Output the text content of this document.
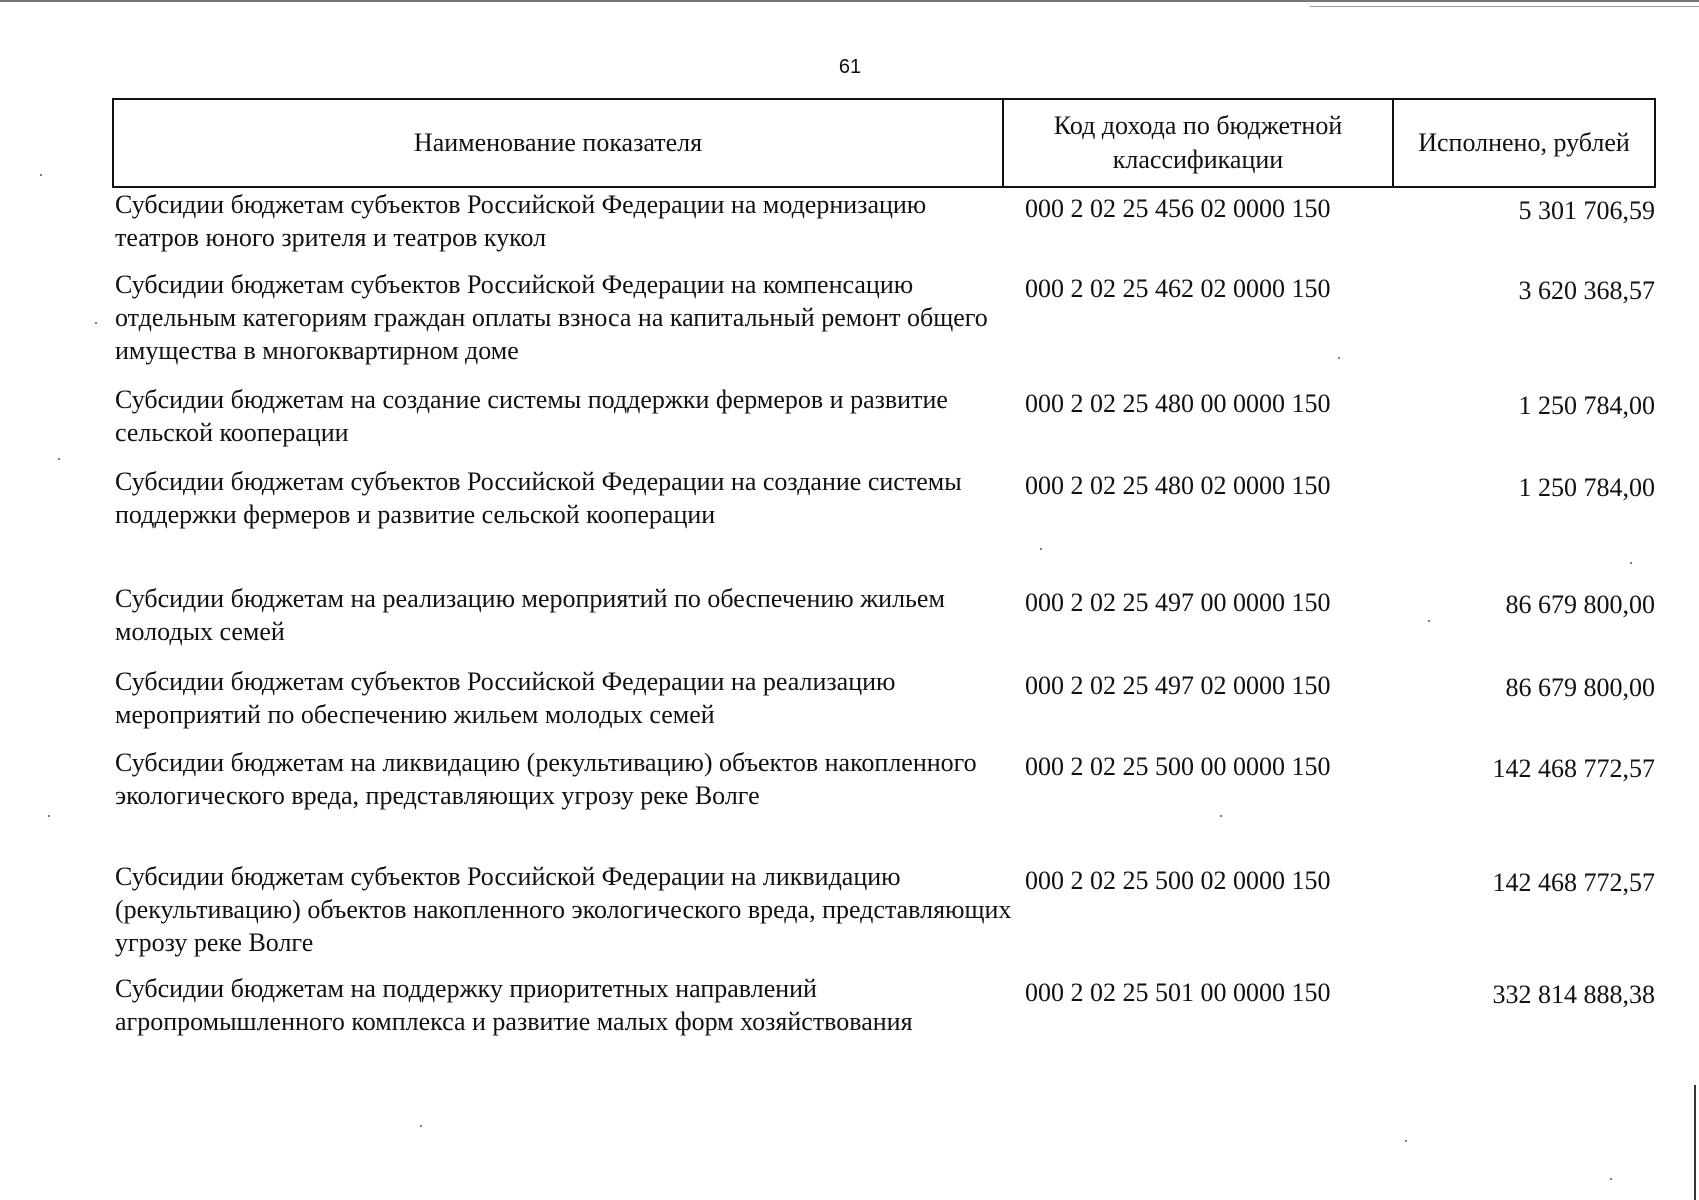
61
Наименование показателя
Код дохода по бюджетной классификации
Исполнено, рублей
Субсидии бюджетам субъектов Российской Федерации на модернизацию театров юного зрителя и театров кукол
000 2 02 25 456 02 0000 150	5 301 706,59
Субсидии бюджетам субъектов Российской Федерации на компенсацию отдельным категориям граждан оплаты взноса на капитальный ремонт общего имущества в многоквартирном доме
000 2 02 25 462 02 0000 150	3 620 368,57
Субсидии бюджетам на создание системы поддержки фермеров и развитие сельской кооперации
000 2 02 25 480 00 0000 150	1 250 784,00
Субсидии бюджетам субъектов Российской Федерации на создание системы поддержки фермеров и развитие сельской кооперации
000 2 02 25 480 02 0000 150	1 250 784,00
Субсидии бюджетам на реализацию мероприятий по обеспечению жильем молодых семей
000 2 02 25 497 00 0000 150	86 679 800,00
Субсидии бюджетам субъектов Российской Федерации на реализацию мероприятий по обеспечению жильем молодых семей
000 2 02 25 497 02 0000 150	86 679 800,00
Субсидии бюджетам на ликвидацию (рекультивацию) объектов накопленного экологического вреда, представляющих угрозу реке Волге
000 2 02 25 500 00 0000 150	142 468 772,57
Субсидии бюджетам субъектов Российской Федерации на ликвидацию (рекультивацию) объектов накопленного экологического вреда, представляющих угрозу реке Волге
000 2 02 25 500 02 0000 150	142 468 772,57
Субсидии бюджетам на поддержку приоритетных направлений агропромышленного комплекса и развитие малых форм хозяйствования
000 2 02 25 501 00 0000 150	332 814 888,38
